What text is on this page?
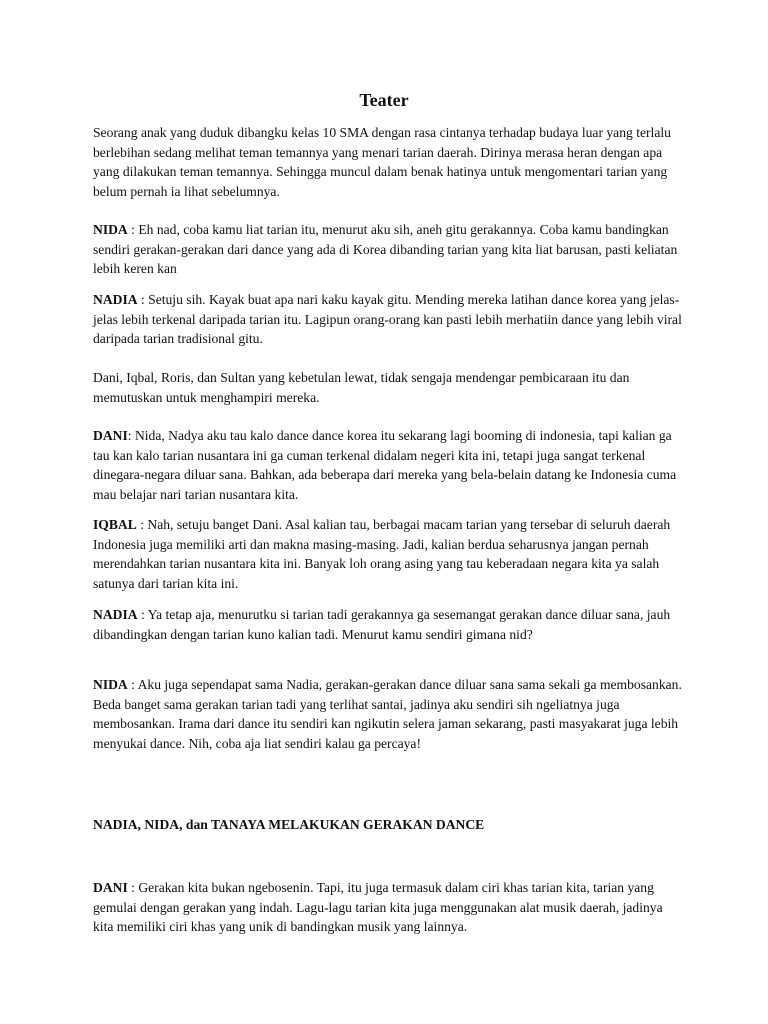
Teater

Seorang anak yang duduk dibangku kelas 10 SMA dengan rasa cintanya terhadap budaya luar yang terlalu berlebihan sedang melihat teman temannya yang menari tarian daerah. Dirinya merasa heran dengan apa yang dilakukan teman temannya. Sehingga muncul dalam benak hatinya untuk mengomentari tarian yang belum pernah ia lihat sebelumnya.

NIDA : Eh nad, coba kamu liat tarian itu, menurut aku sih, aneh gitu gerakannya. Coba kamu bandingkan sendiri gerakan-gerakan dari dance yang ada di Korea dibanding tarian yang kita liat barusan, pasti keliatan lebih keren kan

NADIA : Setuju sih. Kayak buat apa nari kaku kayak gitu. Mending mereka latihan dance korea yang jelas-jelas lebih terkenal daripada tarian itu. Lagipun orang-orang kan pasti lebih merhatiin dance yang lebih viral daripada tarian tradisional gitu.

Dani, Iqbal, Roris, dan Sultan yang kebetulan lewat, tidak sengaja mendengar pembicaraan itu dan memutuskan untuk menghampiri mereka.

DANI: Nida, Nadya aku tau kalo dance dance korea itu sekarang lagi booming di indonesia, tapi kalian ga tau kan kalo tarian nusantara ini ga cuman terkenal didalam negeri kita ini, tetapi juga sangat terkenal dinegara-negara diluar sana. Bahkan, ada beberapa dari mereka yang bela-belain datang ke Indonesia cuma mau belajar nari tarian nusantara kita.

IQBAL : Nah, setuju banget Dani. Asal kalian tau, berbagai macam tarian yang tersebar di seluruh daerah Indonesia juga memiliki arti dan makna masing-masing. Jadi, kalian berdua seharusnya jangan pernah merendahkan tarian nusantara kita ini. Banyak loh orang asing yang tau keberadaan negara kita ya salah satunya dari tarian kita ini.

NADIA : Ya tetap aja, menurutku si tarian tadi gerakannya ga sesemangat gerakan dance diluar sana, jauh dibandingkan dengan tarian kuno kalian tadi. Menurut kamu sendiri gimana nid?

NIDA : Aku juga sependapat sama Nadia, gerakan-gerakan dance diluar sana sama sekali ga membosankan. Beda banget sama gerakan tarian tadi yang terlihat santai, jadinya aku sendiri sih ngeliatnya juga membosankan. Irama dari dance itu sendiri kan ngikutin selera jaman sekarang, pasti masyakarat juga lebih menyukai dance. Nih, coba aja liat sendiri kalau ga percaya!

NADIA, NIDA, dan TANAYA MELAKUKAN GERAKAN DANCE

DANI : Gerakan kita bukan ngebosenin. Tapi, itu juga termasuk dalam ciri khas tarian kita, tarian yang gemulai dengan gerakan yang indah. Lagu-lagu tarian kita juga menggunakan alat musik daerah, jadinya kita memiliki ciri khas yang unik di bandingkan musik yang lainnya.
